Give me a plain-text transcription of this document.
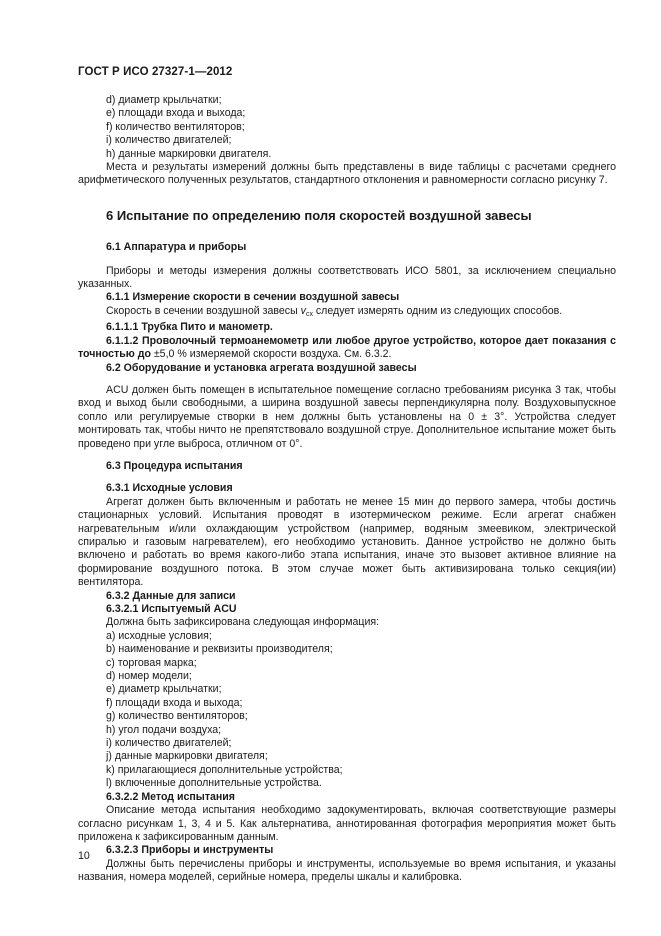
ГОСТ Р ИСО 27327-1—2012

d) диаметр крыльчатки;

e) площади входа и выхода;

f) количество вентиляторов;

i) количество двигателей;

h) данные маркировки двигателя.

Места и результаты измерений должны быть представлены в виде таблицы с расчетами среднего арифметического полученных результатов, стандартного отклонения и равномерности согласно рисунку 7.

6 Испытание по определению поля скоростей воздушной завесы

6.1 Аппаратура и приборы

Приборы и методы измерения должны соответствовать ИСО 5801, за исключением специально указанных.

6.1.1 Измерение скорости в сечении воздушной завесы

Скорость в сечении воздушной завесы $v_{сх}$ следует измерять одним из следующих способов.

6.1.1.1 Трубка Пито и манометр.

6.1.1.2 Проволочный термоанемометр или любое другое устройство, которое дает показания с точностью до ±5,0 % измеряемой скорости воздуха. См. 6.3.2.

6.2 Оборудование и установка агрегата воздушной завесы

ACU должен быть помещен в испытательное помещение согласно требованиям рисунка 3 так, чтобы вход и выход были свободными, а ширина воздушной завесы перпендикулярна полу. Воздуховыпускное сопло или регулируемые створки в нем должны быть установлены на 0 ± 3°. Устройства следует монтировать так, чтобы ничто не препятствовало воздушной струе. Дополнительное испытание может быть проведено при угле выброса, отличном от 0°.

6.3 Процедура испытания

6.3.1 Исходные условия

Агрегат должен быть включенным и работать не менее 15 мин до первого замера, чтобы достичь стационарных условий. Испытания проводят в изотермическом режиме. Если агрегат снабжен нагревательным и/или охлаждающим устройством (например, водяным змеевиком, электрической спиралью и газовым нагревателем), его необходимо установить. Данное устройство не должно быть включено и работать во время какого-либо этапа испытания, иначе это вызовет активное влияние на формирование воздушного потока. В этом случае может быть активизирована только секция(ии) вентилятора.

6.3.2 Данные для записи

6.3.2.1 Испытуемый ACU

Должна быть зафиксирована следующая информация:

a) исходные условия;

b) наименование и реквизиты производителя;

c) торговая марка;

d) номер модели;

e) диаметр крыльчатки;

f) площади входа и выхода;

g) количество вентиляторов;

h) угол подачи воздуха;

i) количество двигателей;

j) данные маркировки двигателя;

k) прилагающиеся дополнительные устройства;

l) включенные дополнительные устройства.

6.3.2.2 Метод испытания

Описание метода испытания необходимо задокументировать, включая соответствующие размеры согласно рисункам 1, 3, 4 и 5. Как альтернатива, аннотированная фотография мероприятия может быть приложена к зафиксированным данным.

6.3.2.3 Приборы и инструменты

Должны быть перечислены приборы и инструменты, используемые во время испытания, и указаны названия, номера моделей, серийные номера, пределы шкалы и калибровка.

10
